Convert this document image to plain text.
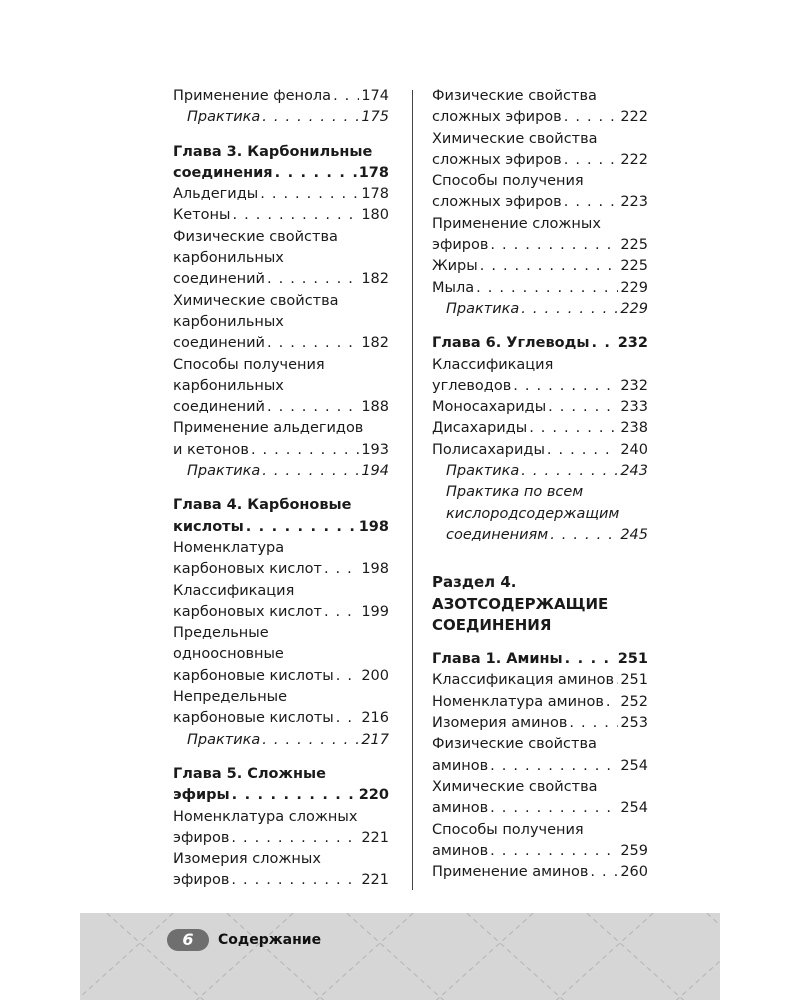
Применение фенола . . . 174
Практика . . .	175
Глава 3. Карбонильные
соединения . . .	178
Альдегиды . . .	178
Кетоны . . .	180
Физические свойства
карбонильных
соединений . . .	182
Химические свойства
карбонильных
соединений . . .	182
Способы получения
карбонильных
соединений . . .	188
Применение альдегидов
и кетонов . . .	193
Практика . . .	194
Глава 4. Карбоновые
кислоты . . .	198
Номенклатура
карбоновых кислот . . .	198
Классификация
карбоновых кислот . . .	199
Предельные
одноосновные
карбоновые кислоты . . . 200
Непредельные
карбоновые кислоты . . . 216
Практика . . .	217
Глава 5. Сложные
эфиры . . .	220
Номенклатура сложных
эфиров . . .	221
Изомерия сложных
эфиров . . .	221
Физические свойства
сложных эфиров . . .	222
Химические свойства
сложных эфиров . . .	222
Способы получения
сложных эфиров . . .	223
Применение сложных
эфиров . . .	225
Жиры . . .	225
Мыла . . .	229
Практика . . .	229
Глава 6. Углеводы . . . 232
Классификация
углеводов . . .	232
Моносахариды . . .	233
Дисахариды . . .	238
Полисахариды . . .	240
Практика . . .	243
Практика по всем
кислородсодержащим
соединениям . . .	245
Раздел 4.
АЗОТСОДЕРЖАЩИЕ
СОЕДИНЕНИЯ
Глава 1. Амины . . .	251
Классификация аминов . . . 251
Номенклатура аминов . . . 252
Изомерия аминов . . .	253
Физические свойства
аминов . . .	254
Химические свойства
аминов . . .	254
Способы получения
аминов . . .	259
Применение аминов . . . 260
6	Содержание
